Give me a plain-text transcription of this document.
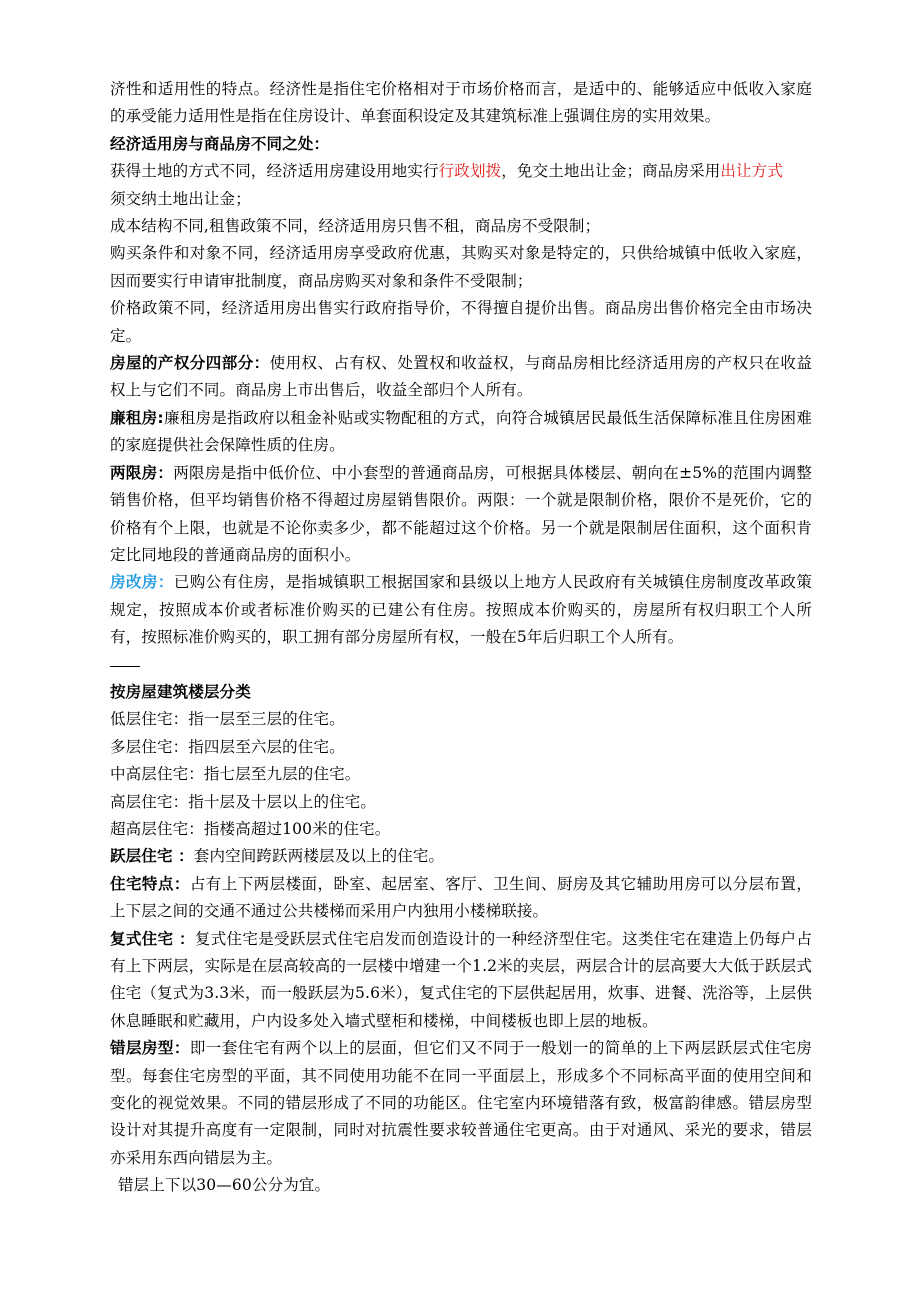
济性和适用性的特点。经济性是指住宅价格相对于市场价格而言，是适中的、能够适应中低收入家庭的承受能力适用性是指在住房设计、单套面积设定及其建筑标准上强调住房的实用效果。

经济适用房与商品房不同之处：

获得土地的方式不同，经济适用房建设用地实行行政划拨，免交土地出让金；商品房采用出让方式
须交纳土地出让金；

成本结构不同,租售政策不同，经济适用房只售不租，商品房不受限制；

购买条件和对象不同，经济适用房享受政府优惠，其购买对象是特定的，只供给城镇中低收入家庭，因而要实行申请审批制度，商品房购买对象和条件不受限制；

价格政策不同，经济适用房出售实行政府指导价，不得擅自提价出售。商品房出售价格完全由市场决定。

房屋的产权分四部分：使用权、占有权、处置权和收益权，与商品房相比经济适用房的产权只在收益权上与它们不同。商品房上市出售后，收益全部归个人所有。

廉租房:廉租房是指政府以租金补贴或实物配租的方式，向符合城镇居民最低生活保障标准且住房困难的家庭提供社会保障性质的住房。

两限房：两限房是指中低价位、中小套型的普通商品房，可根据具体楼层、朝向在±5%的范围内调整销售价格，但平均销售价格不得超过房屋销售限价。两限：一个就是限制价格，限价不是死价，它的价格有个上限，也就是不论你卖多少，都不能超过这个价格。另一个就是限制居住面积，这个面积肯定比同地段的普通商品房的面积小。

房改房：已购公有住房，是指城镇职工根据国家和县级以上地方人民政府有关城镇住房制度改革政策规定，按照成本价或者标准价购买的已建公有住房。按照成本价购买的，房屋所有权归职工个人所有，按照标准价购买的，职工拥有部分房屋所有权，一般在5年后归职工个人所有。

按房屋建筑楼层分类

低层住宅：指一层至三层的住宅。

多层住宅：指四层至六层的住宅。

中高层住宅：指七层至九层的住宅。

高层住宅：指十层及十层以上的住宅。

超高层住宅：指楼高超过100米的住宅。

跃层住宅 ：套内空间跨跃两楼层及以上的住宅。

住宅特点：占有上下两层楼面，卧室、起居室、客厅、卫生间、厨房及其它辅助用房可以分层布置，上下层之间的交通不通过公共楼梯而采用户内独用小楼梯联接。

复式住宅 ：复式住宅是受跃层式住宅启发而创造设计的一种经济型住宅。这类住宅在建造上仍每户占有上下两层，实际是在层高较高的一层楼中增建一个1.2米的夹层，两层合计的层高要大大低于跃层式住宅（复式为3.3米，而一般跃层为5.6米），复式住宅的下层供起居用，炊事、进餐、洗浴等，上层供休息睡眠和贮藏用，户内设多处入墙式壁柜和楼梯，中间楼板也即上层的地板。

错层房型：即一套住宅有两个以上的层面，但它们又不同于一般划一的简单的上下两层跃层式住宅房型。每套住宅房型的平面，其不同使用功能不在同一平面层上，形成多个不同标高平面的使用空间和变化的视觉效果。不同的错层形成了不同的功能区。住宅室内环境错落有致，极富韵律感。错层房型设计对其提升高度有一定限制，同时对抗震性要求较普通住宅更高。由于对通风、采光的要求，错层亦采用东西向错层为主。

错层上下以30—60公分为宜。
